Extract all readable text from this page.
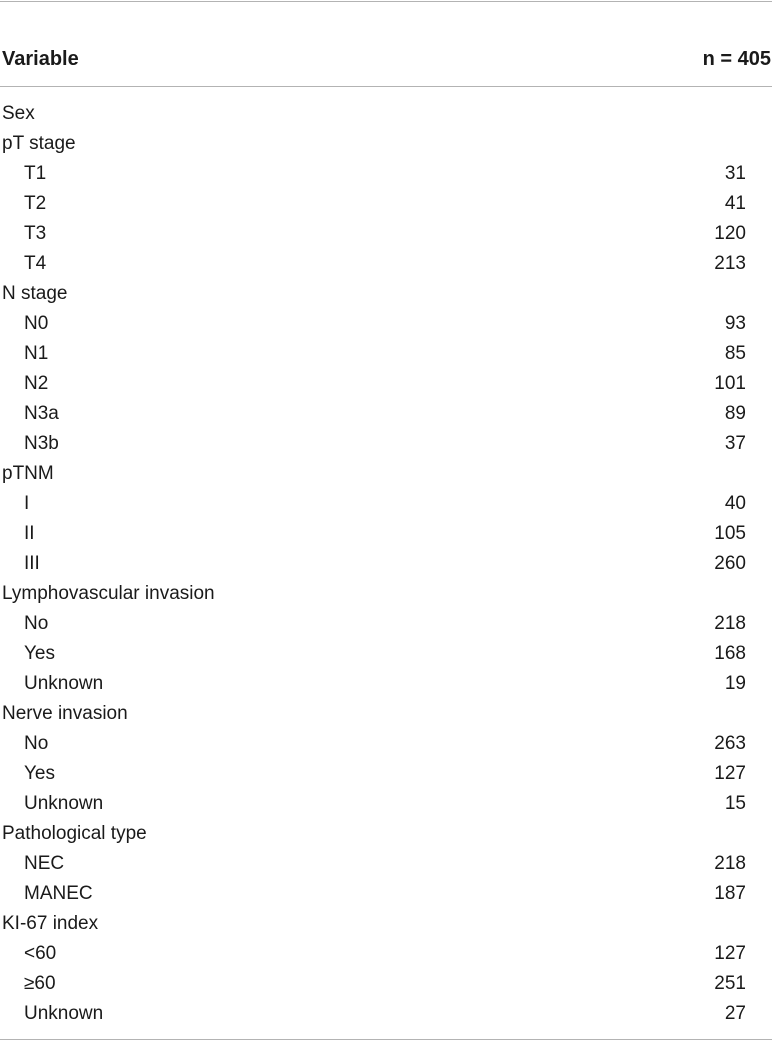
Variable	n = 405
Sex
pT stage
T1	31
T2	41
T3	120
T4	213
N stage
N0	93
N1	85
N2	101
N3a	89
N3b	37
pTNM
I	40
II	105
III	260
Lymphovascular invasion
No	218
Yes	168
Unknown	19
Nerve invasion
No	263
Yes	127
Unknown	15
Pathological type
NEC	218
MANEC	187
KI-67 index
<60	127
≥60	251
Unknown	27
